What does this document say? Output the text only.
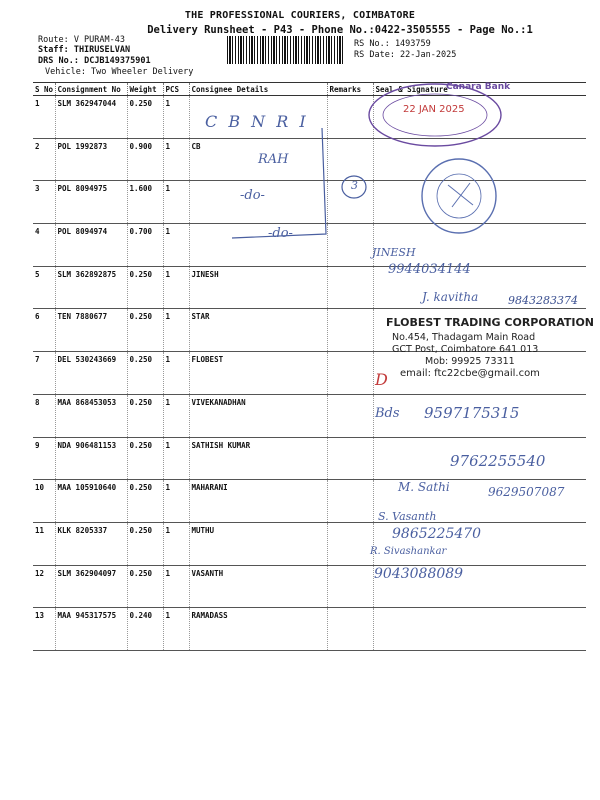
THE PROFESSIONAL COURIERS, COIMBATORE
Delivery Runsheet - P43 - Phone No.:0422-3505555 - Page No.:1
Route: V PURAM-43
Staff: THIRUSELVAN
DRS No.: DCJB149375901
Vehicle: Two Wheeler Delivery
RS No.: 1493759
RS Date: 22-Jan-2025
S No	Consignment No	Weight	PCS	Consignee Details	Remarks	Seal & Signature
1	SLM 362947044	0.250	1			
2	POL 1992873	0.900	1	CB		
3	POL 8094975	1.600	1			
4	POL 8094974	0.700	1			
5	SLM 362892875	0.250	1	JINESH		
6	TEN 7880677	0.250	1	STAR		
7	DEL 530243669	0.250	1	FLOBEST		
8	MAA 868453053	0.250	1	VIVEKANADHAN		
9	NDA 906481153	0.250	1	SATHISH KUMAR		
10	MAA 105910640	0.250	1	MAHARANI		
11	KLK 8205337	0.250	1	MUTHU		
12	SLM 362904097	0.250	1	VASANTH		
13	MAA 945317575	0.240	1	RAMADASS		
C B N R I
RAH
-do-
-do-
3
Canara Bank
22 JAN 2025
JINESH
9944034144
J. kavitha	9843283374
FLOBEST TRADING CORPORATION
No.454, Thadagam Main Road
GCT Post, Coimbatore 641 013
Mob: 99925 73311
email: ftc22cbe@gmail.com
D
Bds 9597175315
9762255540
M. Sathi	9629507087
S. Vasanth
9865225470
R. Sivashankar
9043088089
